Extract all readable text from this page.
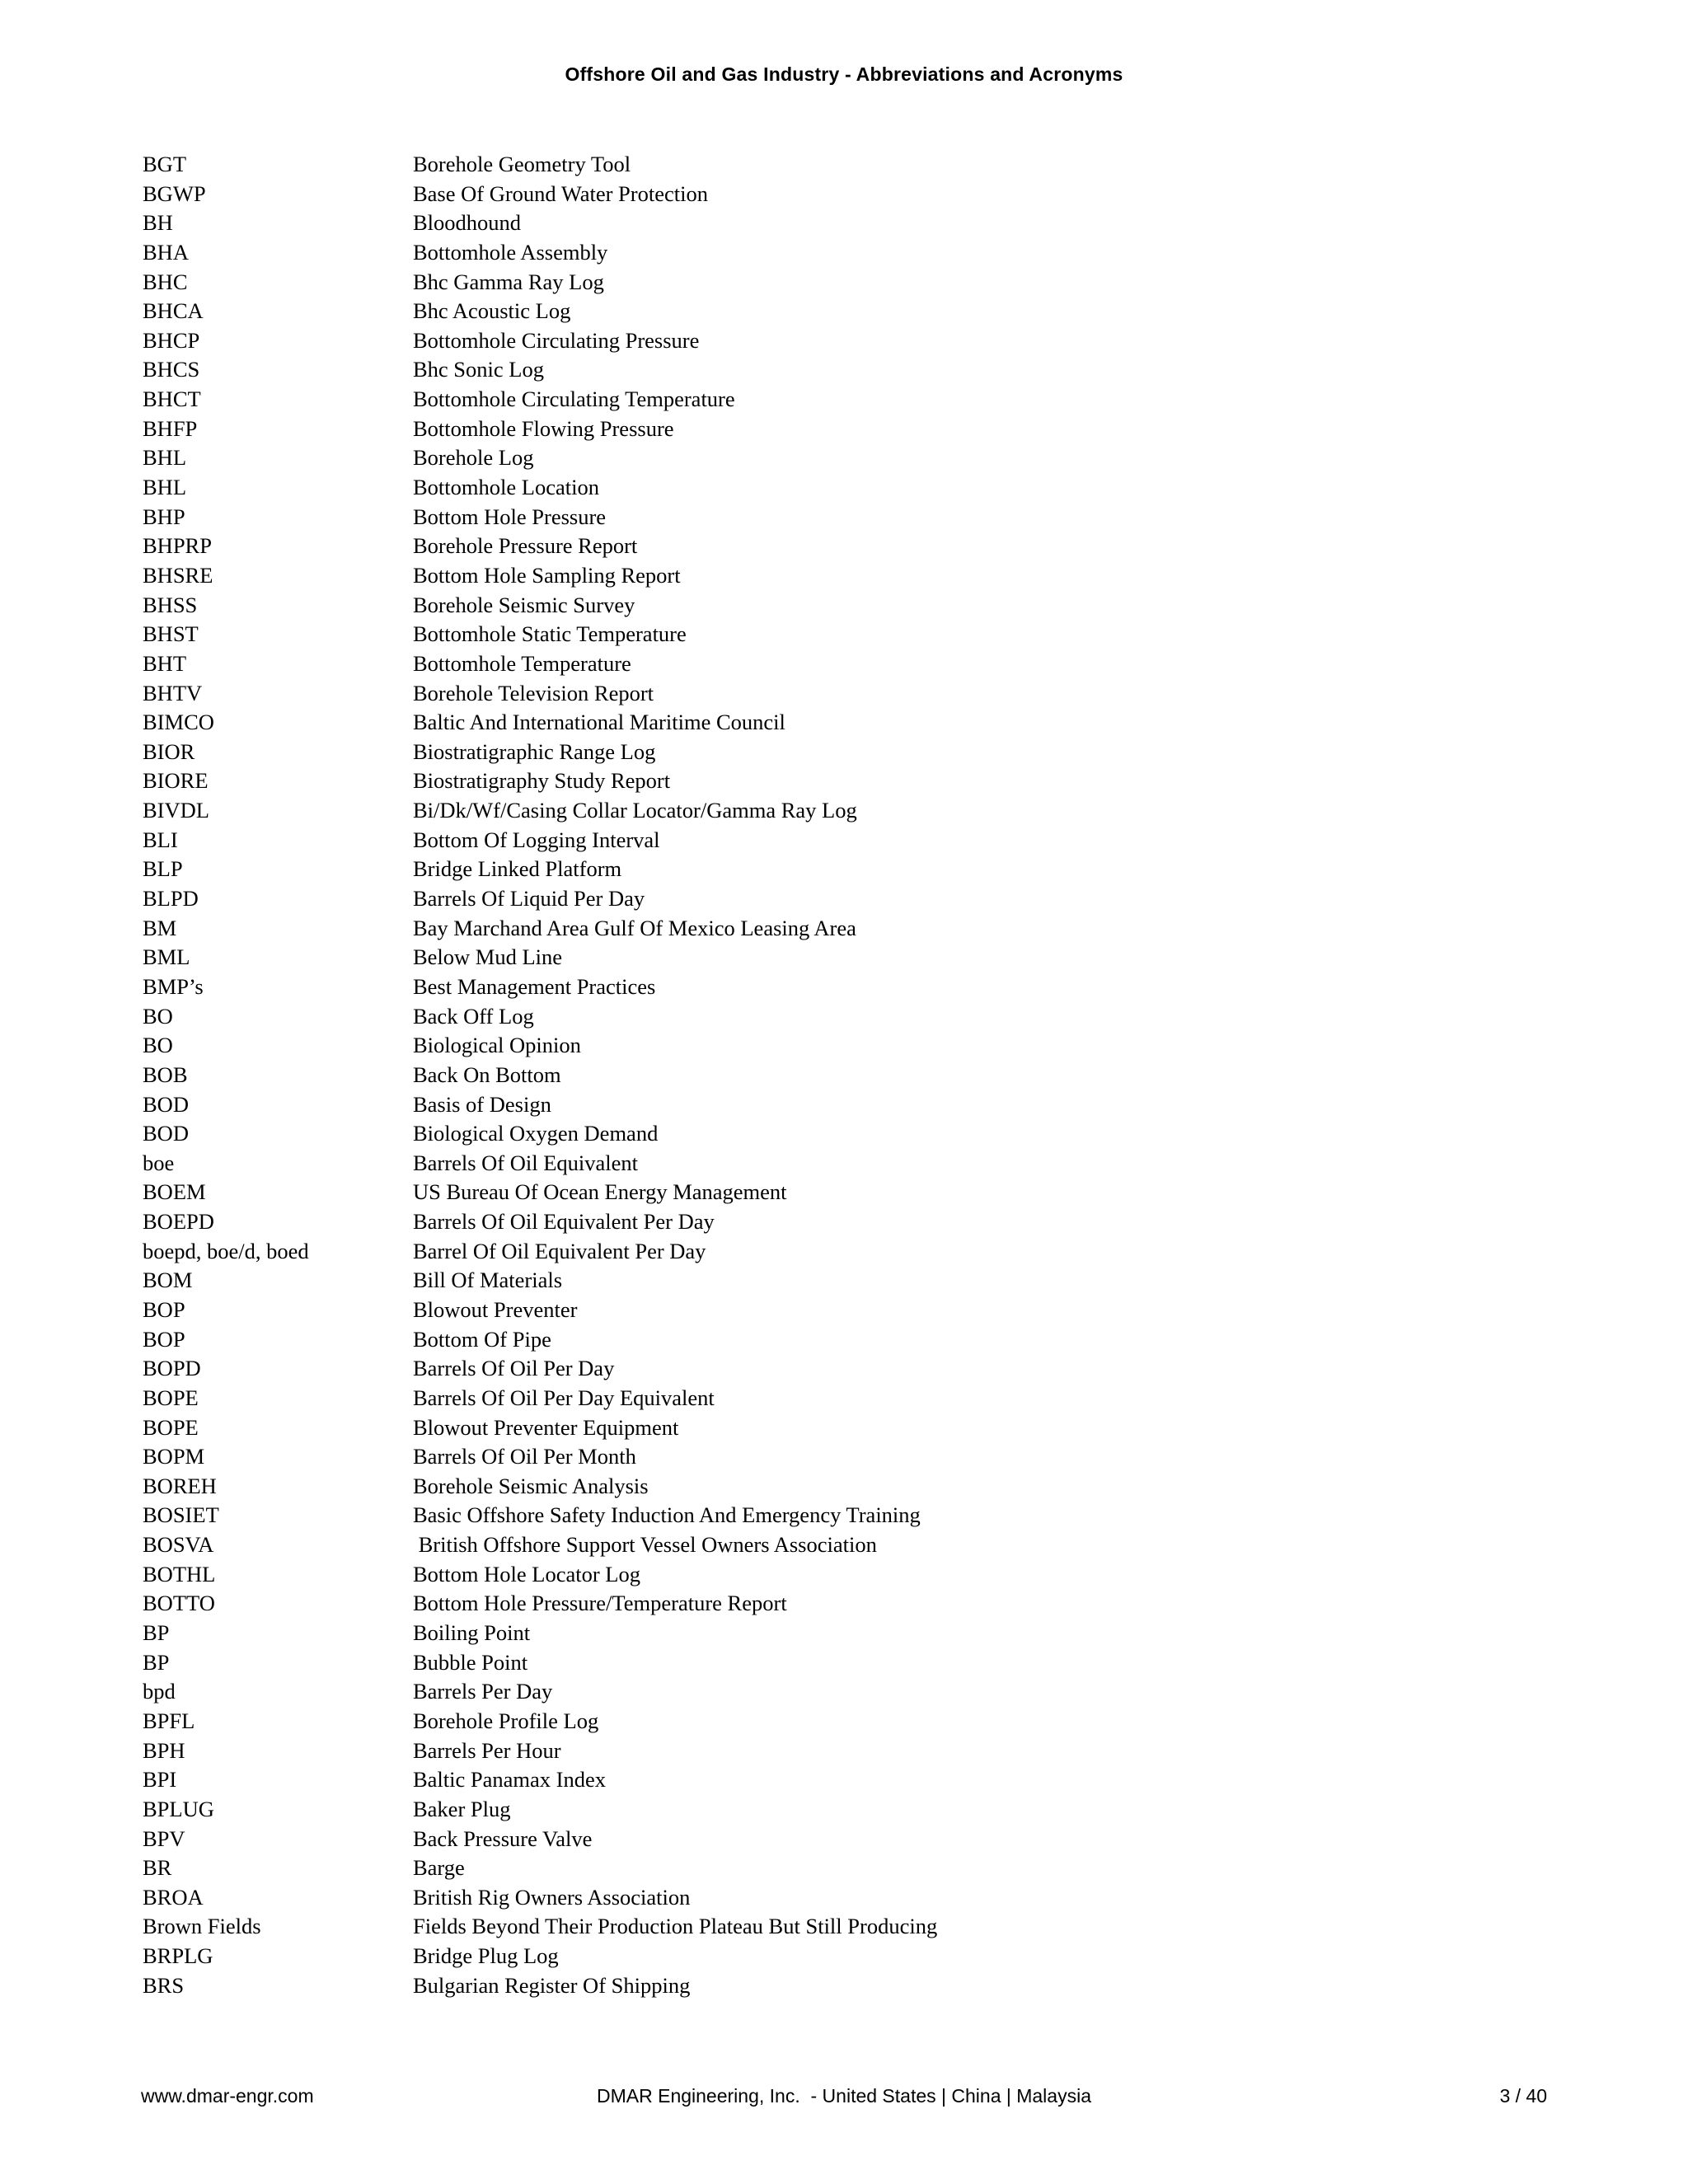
Offshore Oil and Gas Industry - Abbreviations and Acronyms
BGT	Borehole Geometry Tool
BGWP	Base Of Ground Water Protection
BH	Bloodhound
BHA	Bottomhole Assembly
BHC	Bhc Gamma Ray Log
BHCA	Bhc Acoustic Log
BHCP	Bottomhole Circulating Pressure
BHCS	Bhc Sonic Log
BHCT	Bottomhole Circulating Temperature
BHFP	Bottomhole Flowing Pressure
BHL	Borehole Log
BHL	Bottomhole Location
BHP	Bottom Hole Pressure
BHPRP	Borehole Pressure Report
BHSRE	Bottom Hole Sampling Report
BHSS	Borehole Seismic Survey
BHST	Bottomhole Static Temperature
BHT	Bottomhole Temperature
BHTV	Borehole Television Report
BIMCO	Baltic And International Maritime Council
BIOR	Biostratigraphic Range Log
BIORE	Biostratigraphy Study Report
BIVDL	Bi/Dk/Wf/Casing Collar Locator/Gamma Ray Log
BLI	Bottom Of Logging Interval
BLP	Bridge Linked Platform
BLPD	Barrels Of Liquid Per Day
BM	Bay Marchand Area Gulf Of Mexico Leasing Area
BML	Below Mud Line
BMP’s	Best Management Practices
BO	Back Off Log
BO	Biological Opinion
BOB	Back On Bottom
BOD	Basis of Design
BOD	Biological Oxygen Demand
boe	Barrels Of Oil Equivalent
BOEM	US Bureau Of Ocean Energy Management
BOEPD	Barrels Of Oil Equivalent Per Day
boepd, boe/d, boed	Barrel Of Oil Equivalent Per Day
BOM	Bill Of Materials
BOP	Blowout Preventer
BOP	Bottom Of Pipe
BOPD	Barrels Of Oil Per Day
BOPE	Barrels Of Oil Per Day Equivalent
BOPE	Blowout Preventer Equipment
BOPM	Barrels Of Oil Per Month
BOREH	Borehole Seismic Analysis
BOSIET	Basic Offshore Safety Induction And Emergency Training
BOSVA	British Offshore Support Vessel Owners Association
BOTHL	Bottom Hole Locator Log
BOTTO	Bottom Hole Pressure/Temperature Report
BP	Boiling Point
BP	Bubble Point
bpd	Barrels Per Day
BPFL	Borehole Profile Log
BPH	Barrels Per Hour
BPI	Baltic Panamax Index
BPLUG	Baker Plug
BPV	Back Pressure Valve
BR	Barge
BROA	British Rig Owners Association
Brown Fields	Fields Beyond Their Production Plateau But Still Producing
BRPLG	Bridge Plug Log
BRS	Bulgarian Register Of Shipping
www.dmar-engr.com	DMAR Engineering, Inc.  - United States | China | Malaysia	3 / 40
